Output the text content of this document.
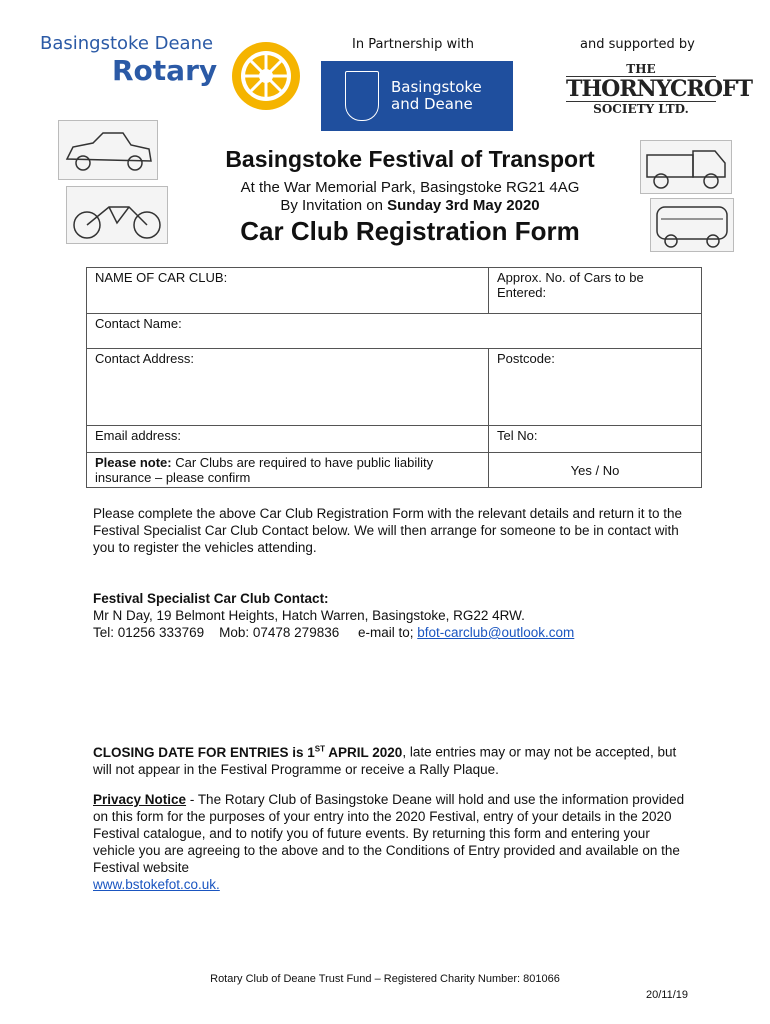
Basingstoke Deane
Rotary
In Partnership with	and supported by
Basingstoke
and Deane
THE
THORNYCROFT
SOCIETY LTD.
Basingstoke Festival of Transport
At the War Memorial Park, Basingstoke RG21 4AG
By Invitation on Sunday 3rd May 2020
Car Club Registration Form
NAME OF CAR CLUB:	Approx. No. of Cars to be Entered:
Contact Name:	
Contact Address:	Postcode:
Email address:	Tel No:
Please note: Car Clubs are required to have public liability insurance – please confirm	Yes / No
Please complete the above Car Club Registration Form with the relevant details and return it to the Festival Specialist Car Club Contact below. We will then arrange for someone to be in contact with you to register the vehicles attending.
Festival Specialist Car Club Contact:
Mr N Day, 19 Belmont Heights, Hatch Warren, Basingstoke, RG22 4RW.
Tel: 01256 333769 Mob: 07478 279836 e-mail to; bfot-carclub@outlook.com
CLOSING DATE FOR ENTRIES is 1ST APRIL 2020, late entries may or may not be accepted, but will not appear in the Festival Programme or receive a Rally Plaque.
Privacy Notice - The Rotary Club of Basingstoke Deane will hold and use the information provided on this form for the purposes of your entry into the 2020 Festival, entry of your details in the 2020 Festival catalogue, and to notify you of future events. By returning this form and entering your vehicle you are agreeing to the above and to the Conditions of Entry provided and available on the Festival website
www.bstokefot.co.uk.
Rotary Club of Deane Trust Fund – Registered Charity Number: 801066
20/11/19
